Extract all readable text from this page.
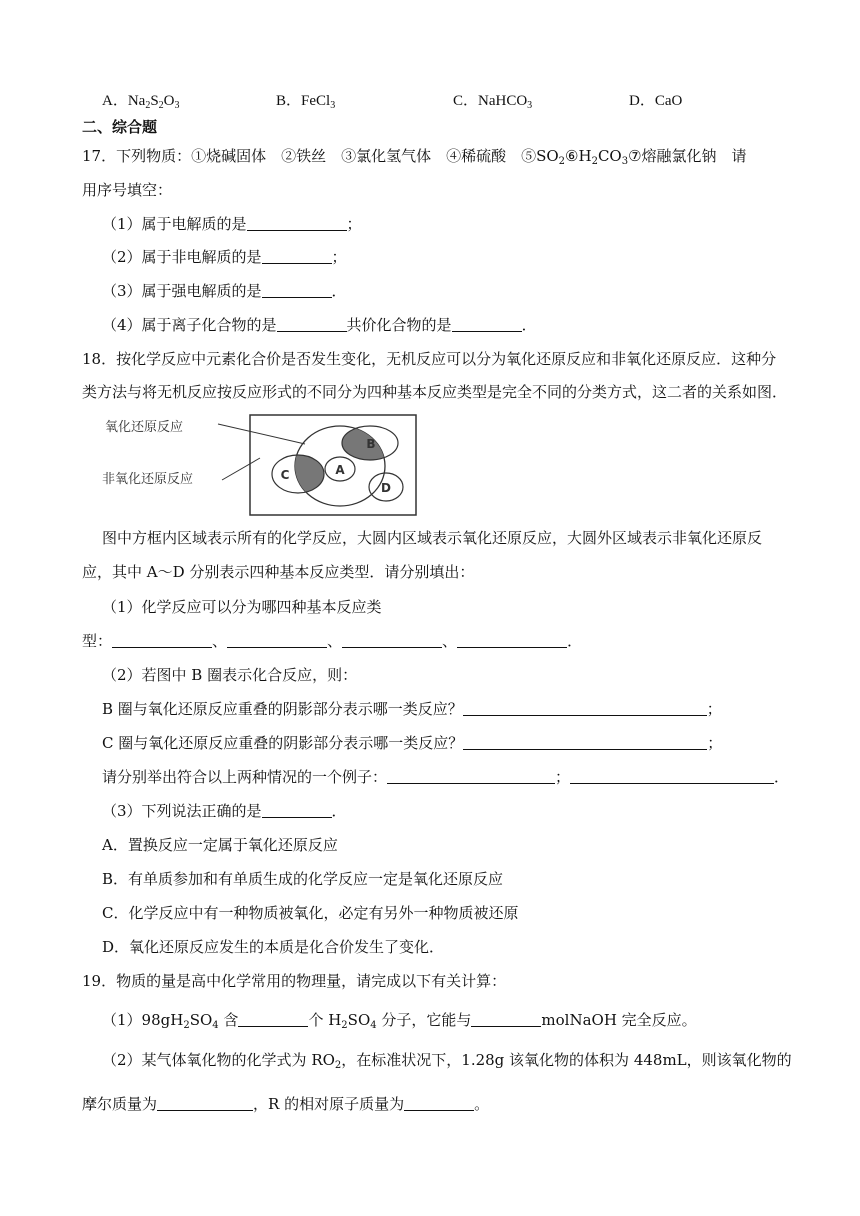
A．$Na_2S_2O_3$	B．FeCl$_3$	C．NaHCO$_3$	D．CaO
二、综合题
17．下列物质：①烧碱固体　②铁丝　③氯化氢气体　④稀硫酸　$⑤SO_2⑥H_2CO_3⑦$熔融氯化钠　请
用序号填空：
（1）属于电解质的是	；
（2）属于非电解质的是	；
（3）属于强电解质的是	．
（4）属于离子化合物的是	共价化合物的是	．
18．按化学反应中元素化合价是否发生变化，无机反应可以分为氧化还原反应和非氧化还原反应．这种分
类方法与将无机反应按反应形式的不同分为四种基本反应类型是完全不同的分类方式，这二者的关系如图．
氧化还原反应
非氧化还原反应
B
C	A
D
图中方框内区域表示所有的化学反应，大圆内区域表示氧化还原反应，大圆外区域表示非氧化还原反
应，其中 A～D 分别表示四种基本反应类型．请分别填出：
（1）化学反应可以分为哪四种基本反应类
型：	、	、	、	．
（2）若图中 B 圈表示化合反应，则：
B 圈与氧化还原反应重叠的阴影部分表示哪一类反应？	；
C 圈与氧化还原反应重叠的阴影部分表示哪一类反应？	；
请分别举出符合以上两种情况的一个例子：	；	．
（3）下列说法正确的是	．
A．置换反应一定属于氧化还原反应
B．有单质参加和有单质生成的化学反应一定是氧化还原反应
C．化学反应中有一种物质被氧化，必定有另外一种物质被还原
D．氧化还原反应发生的本质是化合价发生了变化．
19．物质的量是高中化学常用的物理量，请完成以下有关计算：
$(1)98gH_2SO_4$ 含	个 $H_2SO_4$ 分子，它能与	molNaOH 完全反应。
（2）某气体氧化物的化学式为 $RO_2$，在标准状况下，1.28g 该氧化物的体积为 448mL，则该氧化物的
摩尔质量为	，R 的相对原子质量为	。
